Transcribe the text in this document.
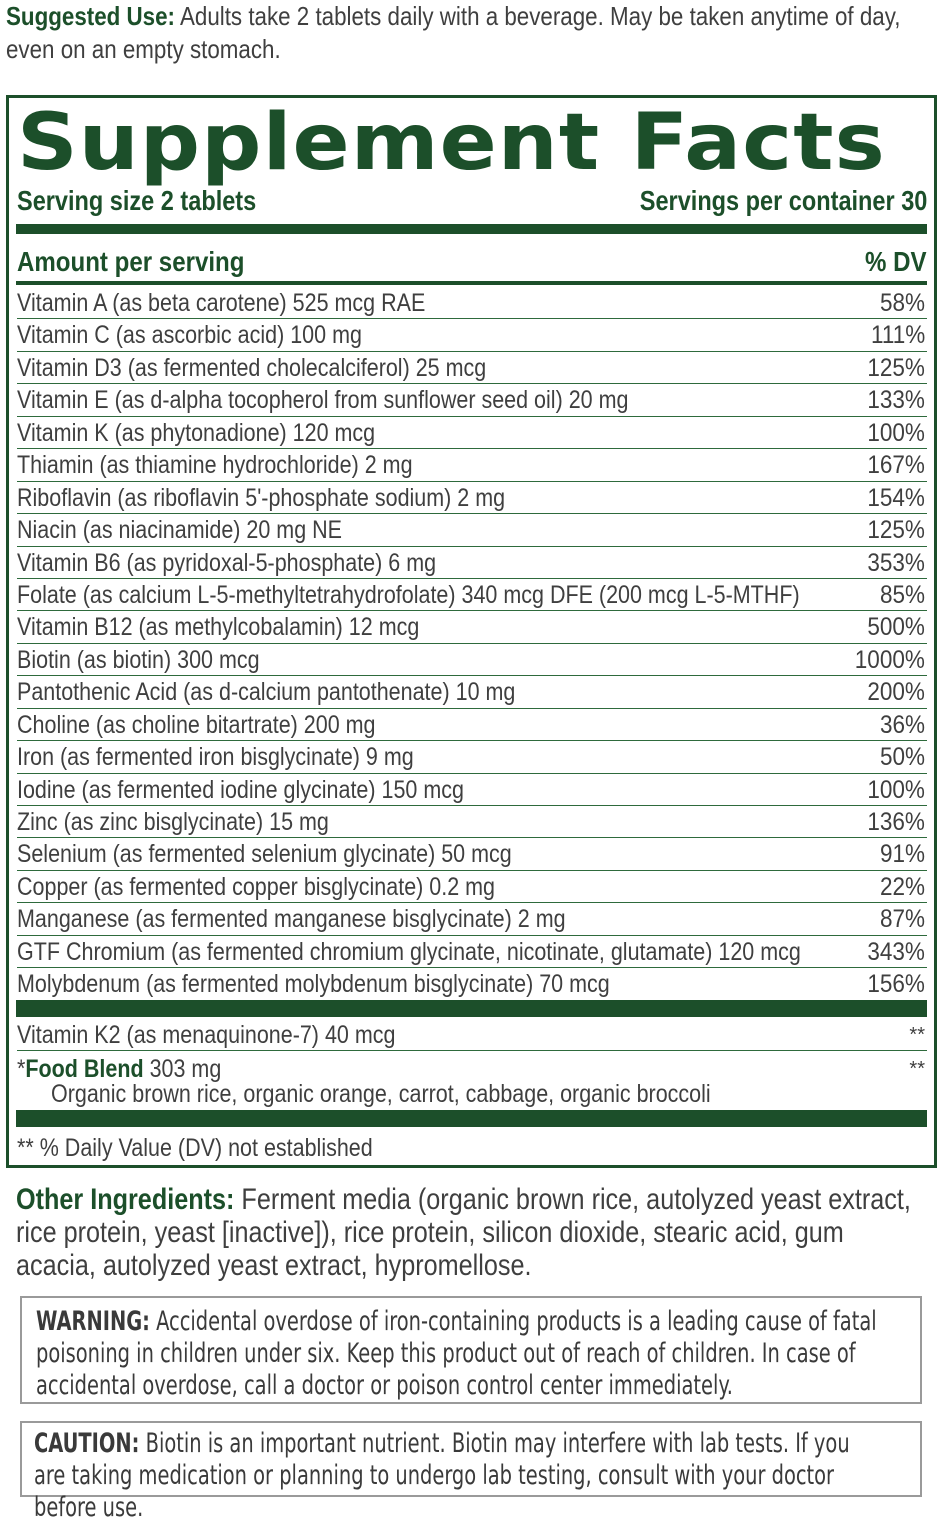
Suggested Use: Adults take 2 tablets daily with a beverage. May be taken anytime of day, even on an empty stomach.
Supplement Facts
Serving size 2 tablets	Servings per container 30
Amount per serving	% DV
Vitamin A (as beta carotene) 525 mcg RAE	58%
Vitamin C (as ascorbic acid) 100 mg	111%
Vitamin D3 (as fermented cholecalciferol) 25 mcg	125%
Vitamin E (as d-alpha tocopherol from sunflower seed oil) 20 mg	133%
Vitamin K (as phytonadione) 120 mcg	100%
Thiamin (as thiamine hydrochloride) 2 mg	167%
Riboflavin (as riboflavin 5'-phosphate sodium) 2 mg	154%
Niacin (as niacinamide) 20 mg NE	125%
Vitamin B6 (as pyridoxal-5-phosphate) 6 mg	353%
Folate (as calcium L-5-methyltetrahydrofolate) 340 mcg DFE (200 mcg L-5-MTHF)	85%
Vitamin B12 (as methylcobalamin) 12 mcg	500%
Biotin (as biotin) 300 mcg	1000%
Pantothenic Acid (as d-calcium pantothenate) 10 mg	200%
Choline (as choline bitartrate) 200 mg	36%
Iron (as fermented iron bisglycinate) 9 mg	50%
Iodine (as fermented iodine glycinate) 150 mcg	100%
Zinc (as zinc bisglycinate) 15 mg	136%
Selenium (as fermented selenium glycinate) 50 mcg	91%
Copper (as fermented copper bisglycinate) 0.2 mg	22%
Manganese (as fermented manganese bisglycinate) 2 mg	87%
GTF Chromium (as fermented chromium glycinate, nicotinate, glutamate) 120 mcg	343%
Molybdenum (as fermented molybdenum bisglycinate) 70 mcg	156%
Vitamin K2 (as menaquinone-7) 40 mcg	**
*Food Blend 303 mg	**
Organic brown rice, organic orange, carrot, cabbage, organic broccoli
** % Daily Value (DV) not established
Other Ingredients: Ferment media (organic brown rice, autolyzed yeast extract, rice protein, yeast [inactive]), rice protein, silicon dioxide, stearic acid, gum acacia, autolyzed yeast extract, hypromellose.
WARNING: Accidental overdose of iron-containing products is a leading cause of fatal poisoning in children under six. Keep this product out of reach of children. In case of accidental overdose, call a doctor or poison control center immediately.
CAUTION: Biotin is an important nutrient. Biotin may interfere with lab tests. If you are taking medication or planning to undergo lab testing, consult with your doctor before use.
